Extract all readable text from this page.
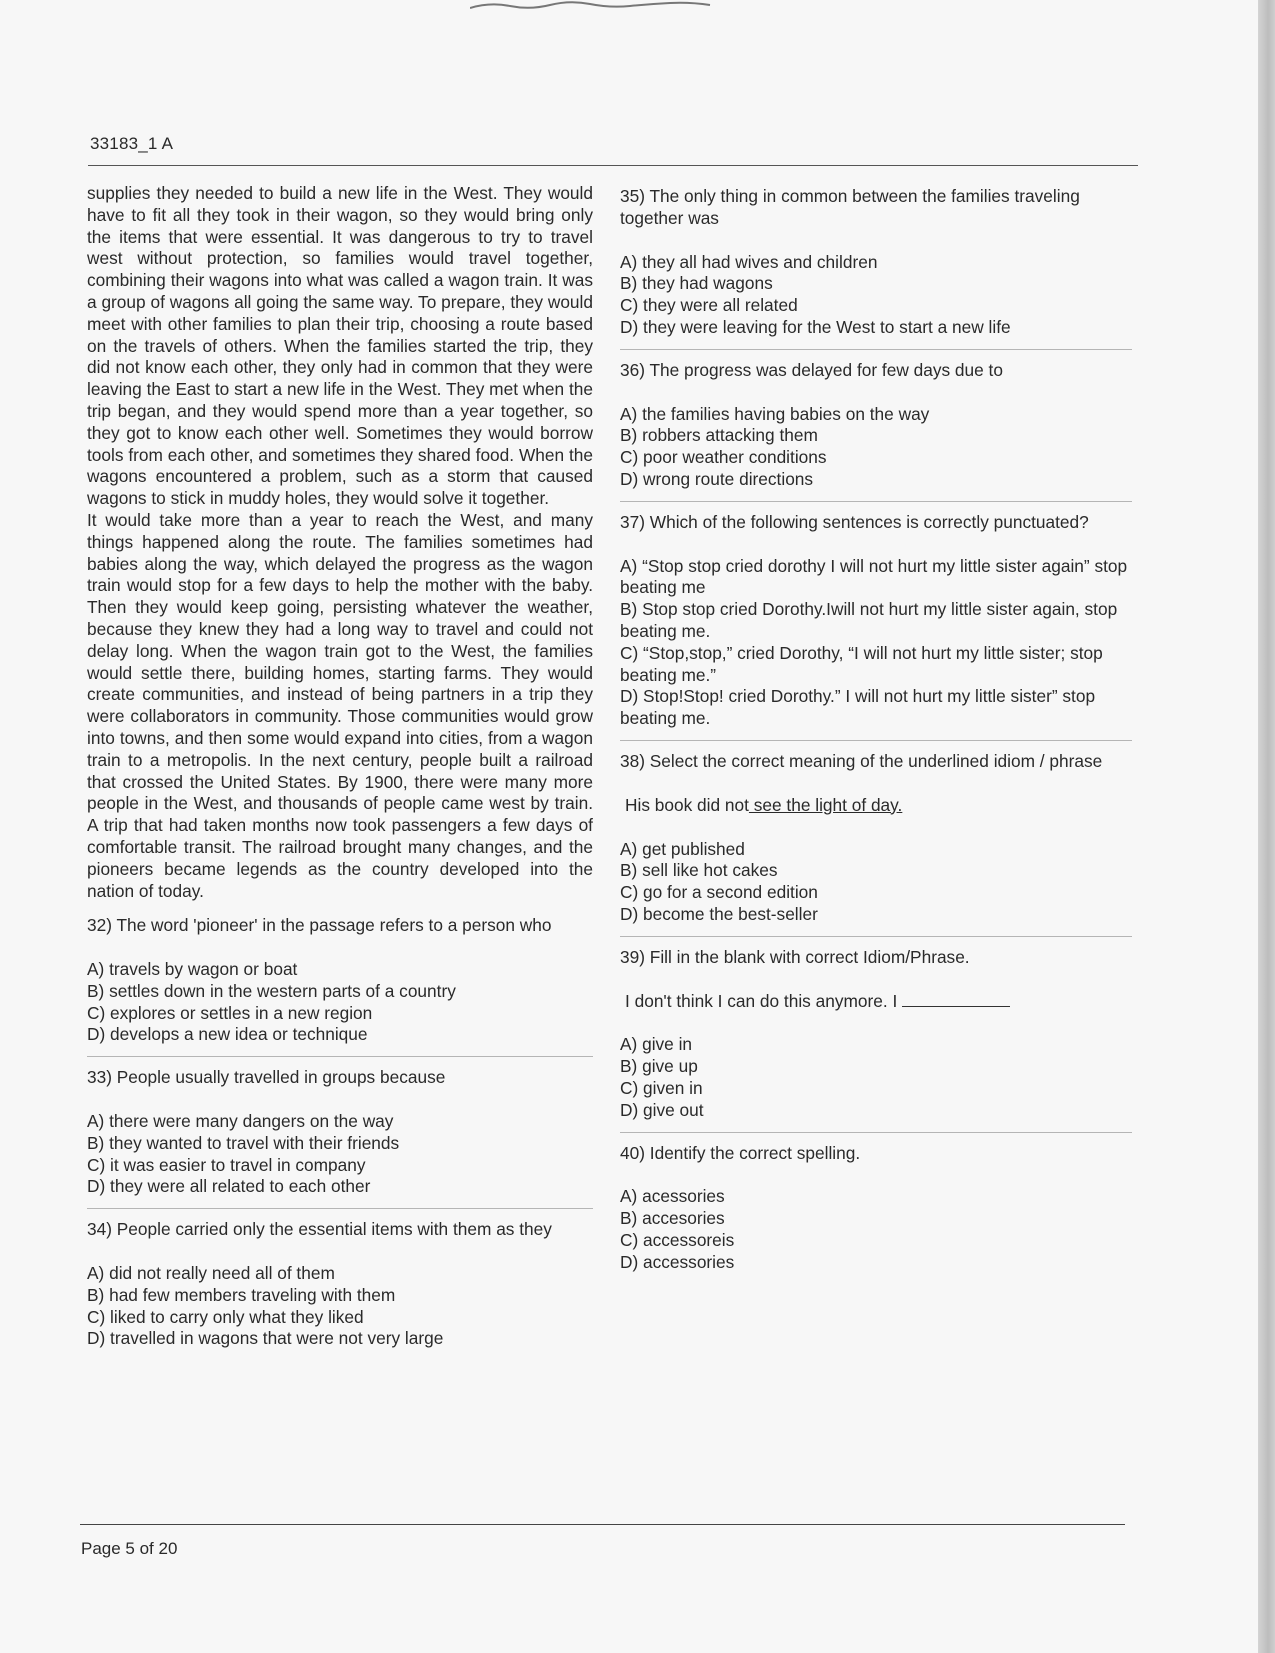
33183_1 A

supplies they needed to build a new life in the West. They would have to fit all they took in their wagon, so they would bring only the items that were essential. It was dangerous to try to travel west without protection, so families would travel together, combining their wagons into what was called a wagon train. It was a group of wagons all going the same way. To prepare, they would meet with other families to plan their trip, choosing a route based on the travels of others. When the families started the trip, they did not know each other, they only had in common that they were leaving the East to start a new life in the West. They met when the trip began, and they would spend more than a year together, so they got to know each other well. Sometimes they would borrow tools from each other, and sometimes they shared food. When the wagons encountered a problem, such as a storm that caused wagons to stick in muddy holes, they would solve it together.

It would take more than a year to reach the West, and many things happened along the route. The families sometimes had babies along the way, which delayed the progress as the wagon train would stop for a few days to help the mother with the baby. Then they would keep going, persisting whatever the weather, because they knew they had a long way to travel and could not delay long. When the wagon train got to the West, the families would settle there, building homes, starting farms. They would create communities, and instead of being partners in a trip they were collaborators in community. Those communities would grow into towns, and then some would expand into cities, from a wagon train to a metropolis. In the next century, people built a railroad that crossed the United States. By 1900, there were many more people in the West, and thousands of people came west by train. A trip that had taken months now took passengers a few days of comfortable transit. The railroad brought many changes, and the pioneers became legends as the country developed into the nation of today.

32) The word 'pioneer' in the passage refers to a person who

A) travels by wagon or boat
B) settles down in the western parts of a country
C) explores or settles in a new region
D) develops a new idea or technique

33) People usually travelled in groups because

A) there were many dangers on the way
B) they wanted to travel with their friends
C) it was easier to travel in company
D) they were all related to each other

34) People carried only the essential items with them as they

A) did not really need all of them
B) had few members traveling with them
C) liked to carry only what they liked
D) travelled in wagons that were not very large

35) The only thing in common between the families traveling together was

A) they all had wives and children
B) they had wagons
C) they were all related
D) they were leaving for the West to start a new life

36) The progress was delayed for few days due to

A) the families having babies on the way
B) robbers attacking them
C) poor weather conditions
D) wrong route directions

37) Which of the following sentences is correctly punctuated?

A) “Stop stop cried dorothy I will not hurt my little sister again” stop beating me
B) Stop stop cried Dorothy.Iwill not hurt my little sister again, stop beating me.
C) “Stop,stop,” cried Dorothy, “I will not hurt my little sister; stop beating me.”
D) Stop!Stop! cried Dorothy.” I will not hurt my little sister” stop beating me.

38) Select the correct meaning of the underlined idiom / phrase

His book did not see the light of day.

A) get published
B) sell like hot cakes
C) go for a second edition
D) become the best-seller

39) Fill in the blank with correct Idiom/Phrase.

I don't think I can do this anymore. I

A) give in
B) give up
C) given in
D) give out

40) Identify the correct spelling.

A) acessories
B) accesories
C) accessoreis
D) accessories
Page 5 of 20
